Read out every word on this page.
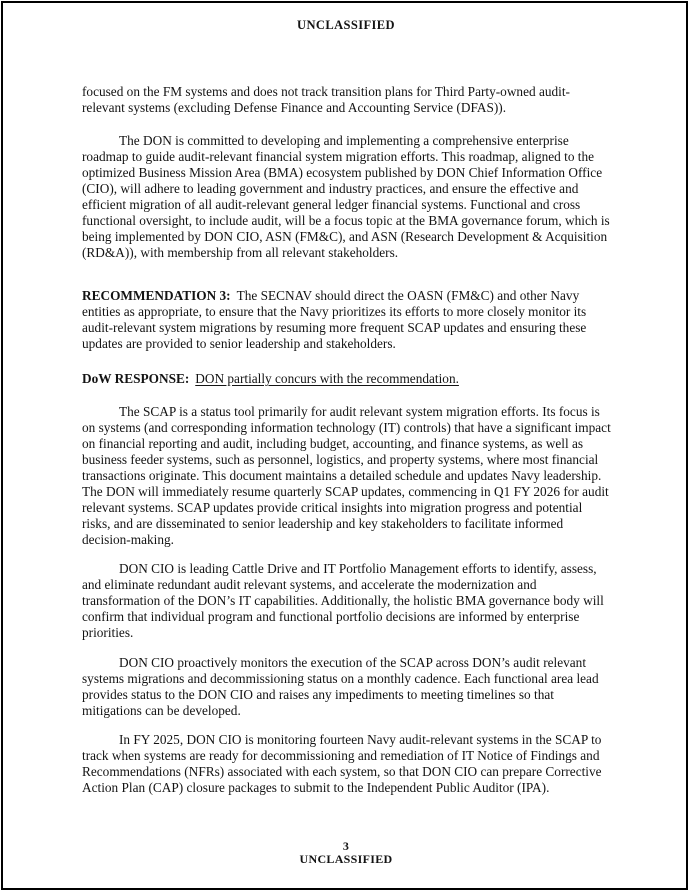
UNCLASSIFIED

focused on the FM systems and does not track transition plans for Third Party-owned audit-relevant systems (excluding Defense Finance and Accounting Service (DFAS)).

The DON is committed to developing and implementing a comprehensive enterprise roadmap to guide audit-relevant financial system migration efforts. This roadmap, aligned to the optimized Business Mission Area (BMA) ecosystem published by DON Chief Information Office (CIO), will adhere to leading government and industry practices, and ensure the effective and efficient migration of all audit-relevant general ledger financial systems. Functional and cross functional oversight, to include audit, will be a focus topic at the BMA governance forum, which is being implemented by DON CIO, ASN (FM&C), and ASN (Research Development & Acquisition (RD&A)), with membership from all relevant stakeholders.

RECOMMENDATION 3: The SECNAV should direct the OASN (FM&C) and other Navy entities as appropriate, to ensure that the Navy prioritizes its efforts to more closely monitor its audit-relevant system migrations by resuming more frequent SCAP updates and ensuring these updates are provided to senior leadership and stakeholders.

DoW RESPONSE: DON partially concurs with the recommendation.

The SCAP is a status tool primarily for audit relevant system migration efforts. Its focus is on systems (and corresponding information technology (IT) controls) that have a significant impact on financial reporting and audit, including budget, accounting, and finance systems, as well as business feeder systems, such as personnel, logistics, and property systems, where most financial transactions originate. This document maintains a detailed schedule and updates Navy leadership. The DON will immediately resume quarterly SCAP updates, commencing in Q1 FY 2026 for audit relevant systems. SCAP updates provide critical insights into migration progress and potential risks, and are disseminated to senior leadership and key stakeholders to facilitate informed decision-making.

DON CIO is leading Cattle Drive and IT Portfolio Management efforts to identify, assess, and eliminate redundant audit relevant systems, and accelerate the modernization and transformation of the DON’s IT capabilities. Additionally, the holistic BMA governance body will confirm that individual program and functional portfolio decisions are informed by enterprise priorities.

DON CIO proactively monitors the execution of the SCAP across DON’s audit relevant systems migrations and decommissioning status on a monthly cadence. Each functional area lead provides status to the DON CIO and raises any impediments to meeting timelines so that mitigations can be developed.

In FY 2025, DON CIO is monitoring fourteen Navy audit-relevant systems in the SCAP to track when systems are ready for decommissioning and remediation of IT Notice of Findings and Recommendations (NFRs) associated with each system, so that DON CIO can prepare Corrective Action Plan (CAP) closure packages to submit to the Independent Public Auditor (IPA).

3
UNCLASSIFIED
